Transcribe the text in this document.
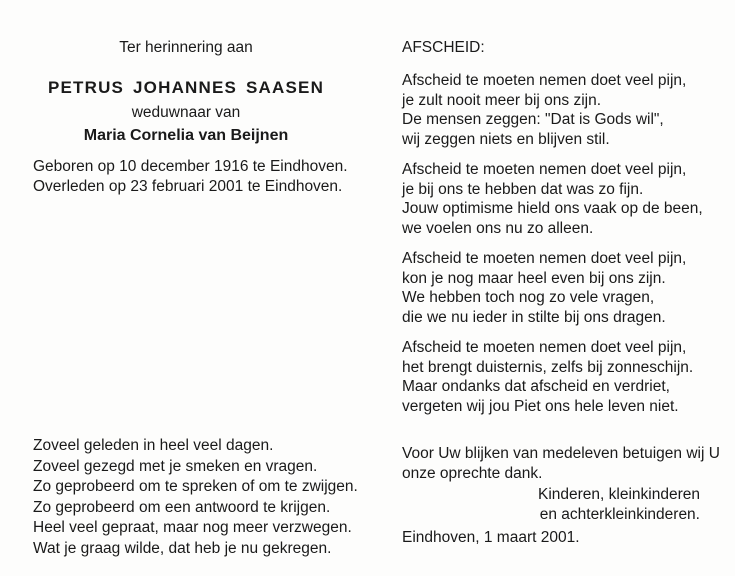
Ter herinnering aan
PETRUS JOHANNES SAASEN
weduwnaar van
Maria Cornelia van Beijnen
Geboren op 10 december 1916 te Eindhoven.
Overleden op 23 februari 2001 te Eindhoven.
Zoveel geleden in heel veel dagen.
Zoveel gezegd met je smeken en vragen.
Zo geprobeerd om te spreken of om te zwijgen.
Zo geprobeerd om een antwoord te krijgen.
Heel veel gepraat, maar nog meer verzwegen.
Wat je graag wilde, dat heb je nu gekregen.
AFSCHEID:
Afscheid te moeten nemen doet veel pijn,
je zult nooit meer bij ons zijn.
De mensen zeggen: "Dat is Gods wil",
wij zeggen niets en blijven stil.
Afscheid te moeten nemen doet veel pijn,
je bij ons te hebben dat was zo fijn.
Jouw optimisme hield ons vaak op de been,
we voelen ons nu zo alleen.
Afscheid te moeten nemen doet veel pijn,
kon je nog maar heel even bij ons zijn.
We hebben toch nog zo vele vragen,
die we nu ieder in stilte bij ons dragen.
Afscheid te moeten nemen doet veel pijn,
het brengt duisternis, zelfs bij zonneschijn.
Maar ondanks dat afscheid en verdriet,
vergeten wij jou Piet ons hele leven niet.
Voor Uw blijken van medeleven betuigen wij U
onze oprechte dank.
Kinderen, kleinkinderen
en achterkleinkinderen.
Eindhoven, 1 maart 2001.
